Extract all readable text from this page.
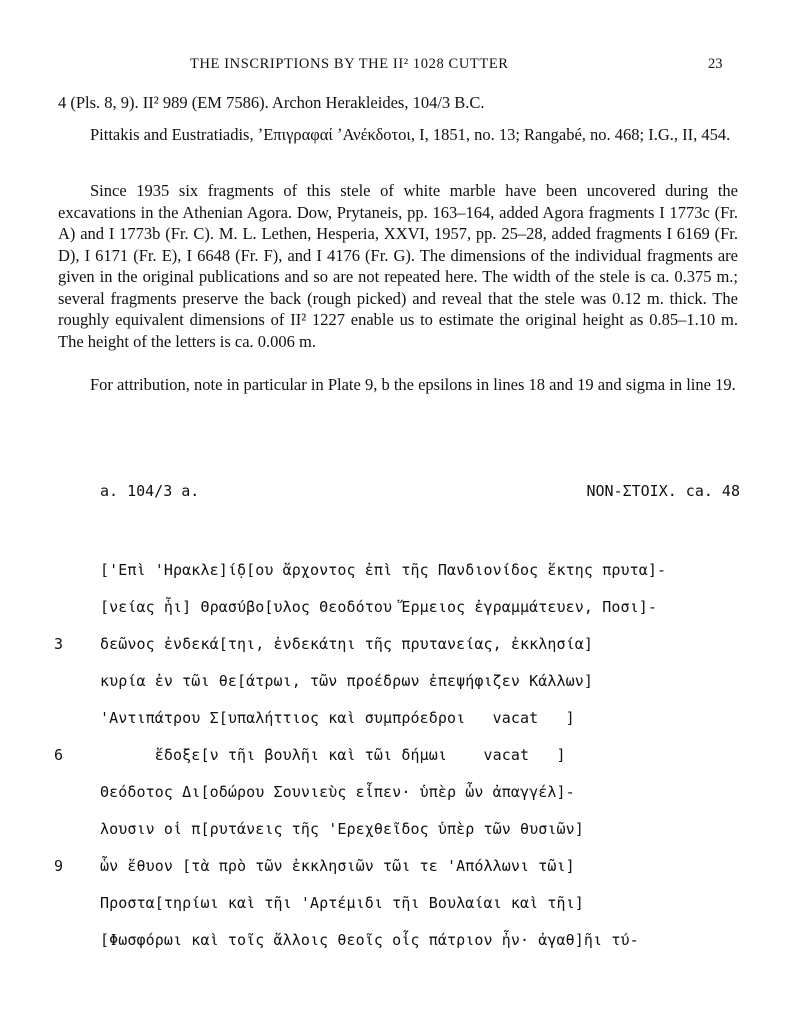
THE INSCRIPTIONS BY THE II² 1028 CUTTER	23
4 (Pls. 8, 9). II² 989 (EM 7586). Archon Herakleides, 104/3 B.C.
Pittakis and Eustratiadis, ʼΕπιγραφαί ʼΑνέκδοτοι, I, 1851, no. 13; Rangabé, no. 468; I.G., II, 454.
Since 1935 six fragments of this stele of white marble have been uncovered during the excavations in the Athenian Agora. Dow, Prytaneis, pp. 163–164, added Agora fragments I 1773c (Fr. A) and I 1773b (Fr. C). M. L. Lethen, Hesperia, XXVI, 1957, pp. 25–28, added fragments I 6169 (Fr. D), I 6171 (Fr. E), I 6648 (Fr. F), and I 4176 (Fr. G). The dimensions of the individual fragments are given in the original publications and so are not repeated here. The width of the stele is ca. 0.375 m.; several fragments preserve the back (rough picked) and reveal that the stele was 0.12 m. thick. The roughly equivalent dimensions of II² 1227 enable us to estimate the original height as 0.85–1.10 m. The height of the letters is ca. 0.006 m.
For attribution, note in particular in Plate 9, b the epsilons in lines 18 and 19 and sigma in line 19.
a. 104/3 a.	NON-ΣΤΟΙΧ. ca. 48
['Επὶ 'Ηρακλε]ί̣δ[ου ἄρχοντος ἐπὶ τῆς Πανδιονίδος ἕκτης πρυτα]-
[νείας ἧι] Θρασύβο[υλος Θεοδότου Ἕρμειος ἐγραμμάτευεν, Ποσι]-
3 δεῶνος ἐνδεκά[τηι, ἐνδεκάτηι τῆς πρυτανείας, ἐκκλησία]
κυρία ἐν τῶι θε[άτρωι, τῶν προέδρων ἐπεψήφιζεν Κάλλων]
'Αντιπάτρου Σ[υπαλήττιος καὶ συμπρόεδροι   vacat   ]
6 ἔδοξε[ν τῆι βουλῆι καὶ τῶι δήμωι    vacat   ]
Θεόδοτος Δι[οδώρου Σουνιεὺς εἶπεν· ὑπὲρ ὧν ἀπαγγέλ]-
λουσιν οἱ π[ρυτάνεις τῆς 'Ερεχθεῖδος ὑπὲρ τῶν θυσιῶν]
9 ὧν ἔθυον [τὰ πρὸ τῶν ἐκκλησιῶν τῶι τε 'Απόλλωνι τῶι]
Προστα[τηρίωι καὶ τῆι 'Αρτέμιδι τῆι Βουλαίαι καὶ τῆι]
[Φωσφόρωι καὶ τοῖς ἄλλοις θεοῖς οἷς πάτριον ἦν· ἀγαθ]ῆι τύ-
